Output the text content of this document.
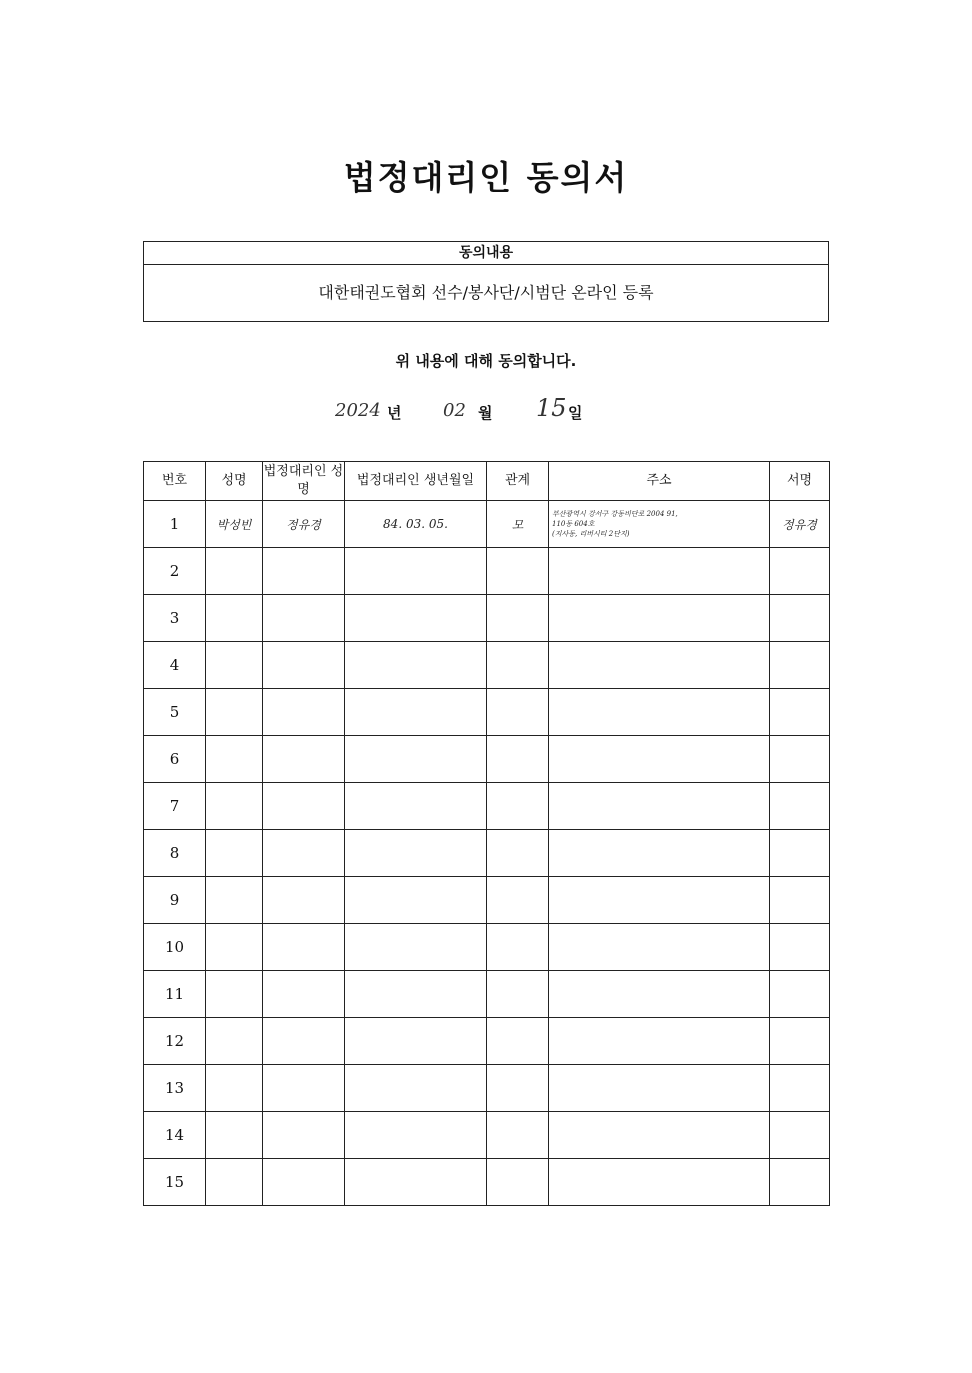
법정대리인 동의서
동의내용
대한태권도협회 선수/봉사단/시범단 온라인 등록
위 내용에 대해 동의합니다.
2024 년 02 월 15 일
번호	성명	법정대리인 성명	법정대리인 생년월일	관계	주소	서명
1	박성빈	정유경	84. 03. 05.	모	부산광역시 강서구 강동비단로 2004 91,
110동 604호
(지사동, 리버시티 2단지)	정유경
2						
3						
4						
5						
6						
7						
8						
9						
10						
11						
12						
13						
14						
15						
